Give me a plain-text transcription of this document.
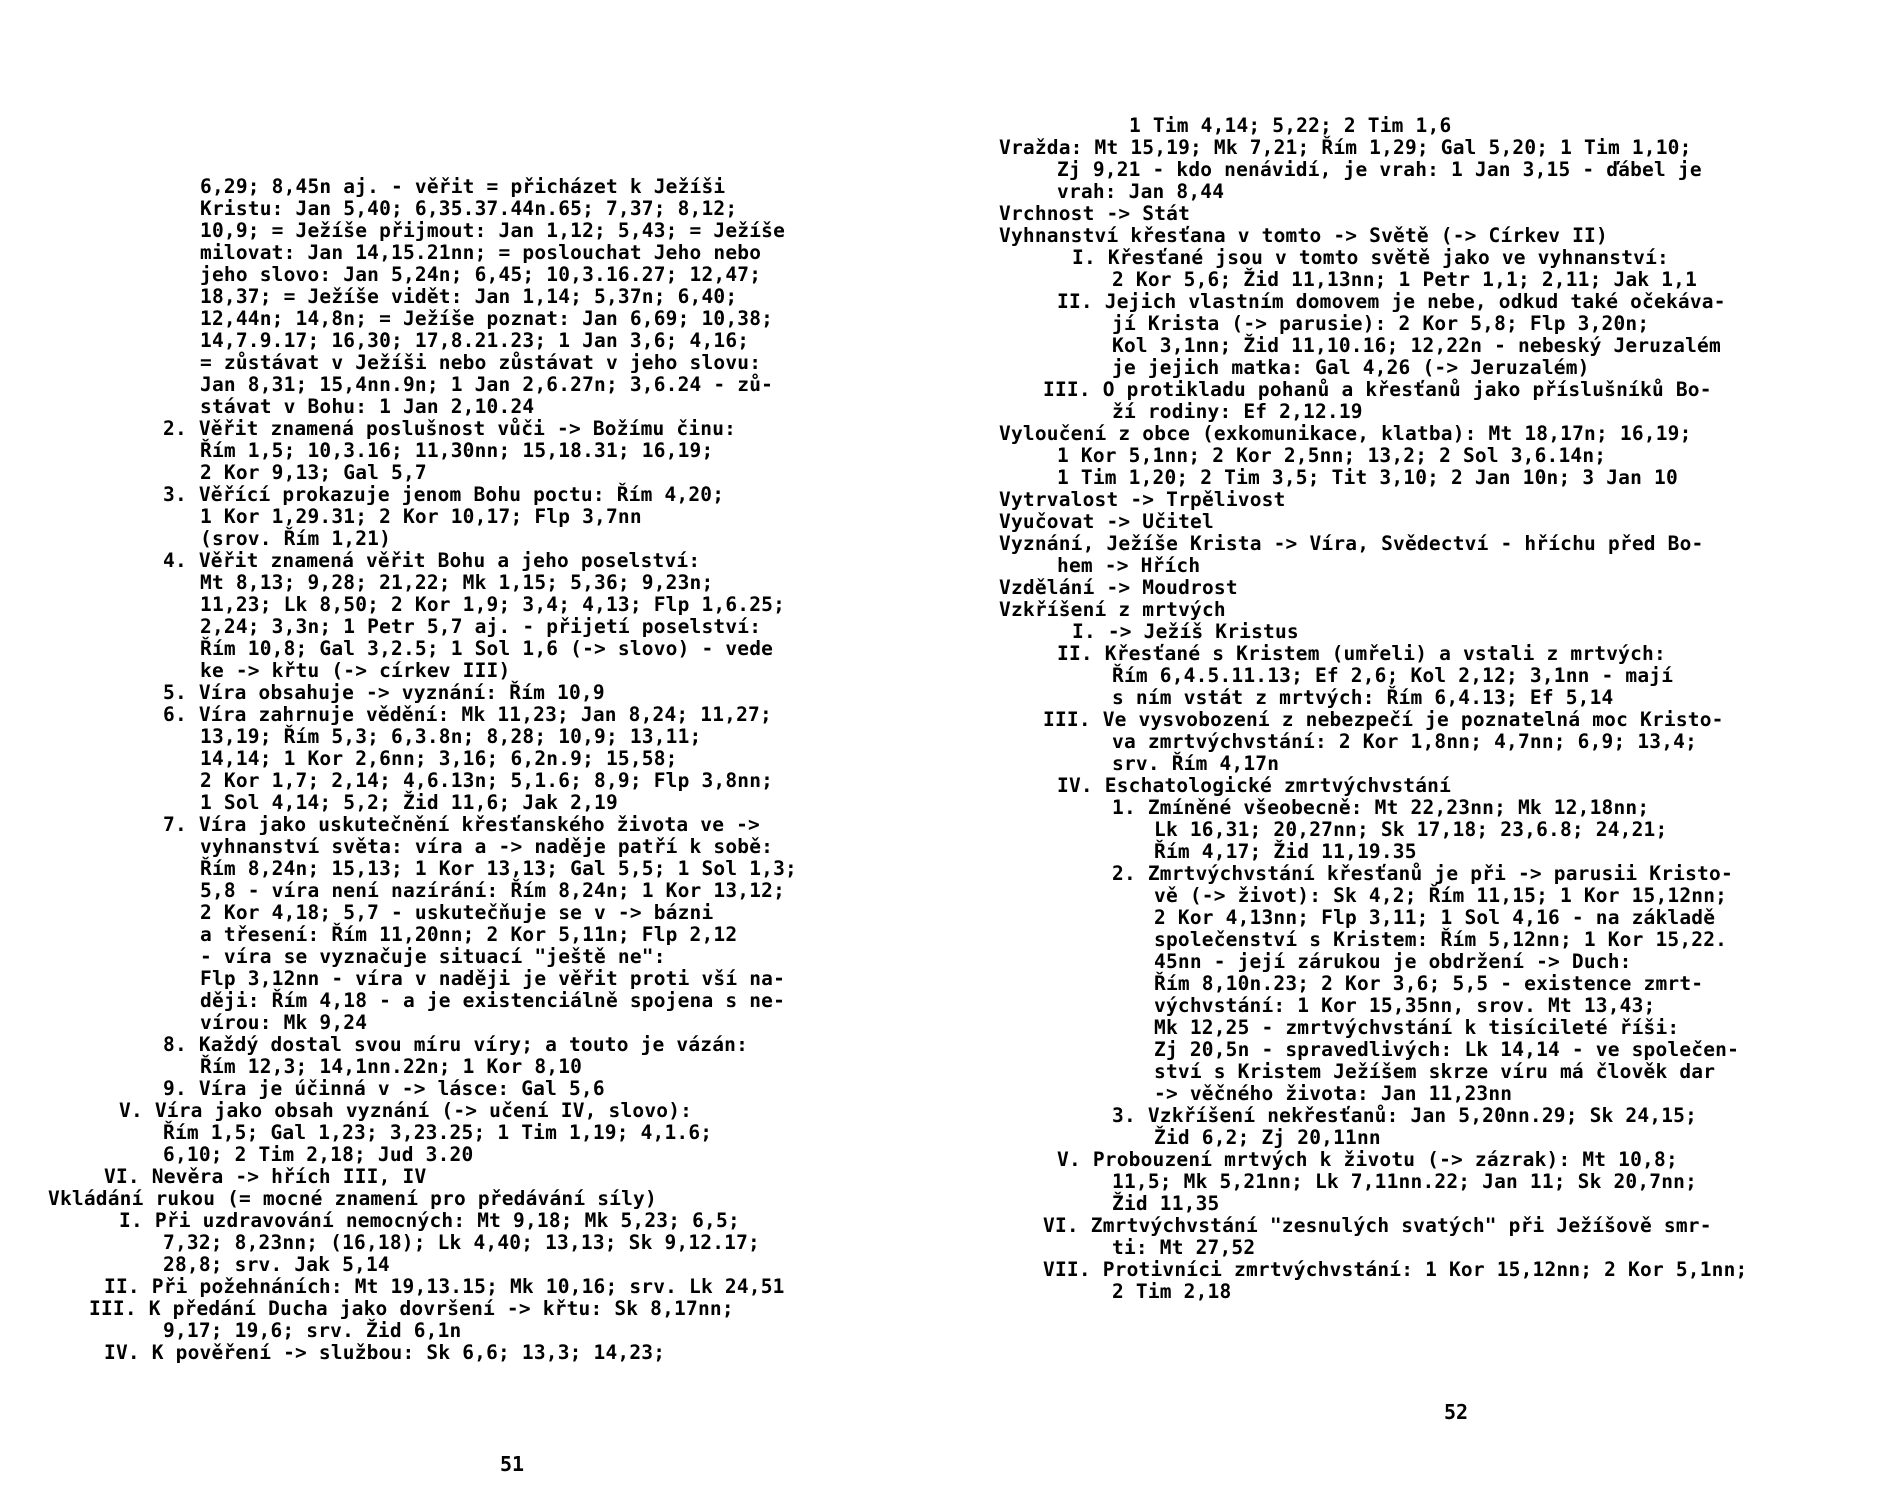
6,29; 8,45n aj. - věřit = přicházet k Ježíši
Kristu: Jan 5,40; 6,35.37.44n.65; 7,37; 8,12;
10,9; = Ježíše přijmout: Jan 1,12; 5,43; = Ježíše
milovat: Jan 14,15.21nn; = poslouchat Jeho nebo
jeho slovo: Jan 5,24n; 6,45; 10,3.16.27; 12,47;
18,37; = Ježíše vidět: Jan 1,14; 5,37n; 6,40;
12,44n; 14,8n; = Ježíše poznat: Jan 6,69; 10,38;
14,7.9.17; 16,30; 17,8.21.23; 1 Jan 3,6; 4,16;
= zůstávat v Ježíši nebo zůstávat v jeho slovu:
Jan 8,31; 15,4nn.9n; 1 Jan 2,6.27n; 3,6.24 - zů-
stávat v Bohu: 1 Jan 2,10.24
2. Věřit znamená poslušnost vůči -> Božímu činu:
Řím 1,5; 10,3.16; 11,30nn; 15,18.31; 16,19;
2 Kor 9,13; Gal 5,7
3. Věřící prokazuje jenom Bohu poctu: Řím 4,20;
1 Kor 1,29.31; 2 Kor 10,17; Flp 3,7nn
(srov. Řím 1,21)
4. Věřit znamená věřit Bohu a jeho poselství:
Mt 8,13; 9,28; 21,22; Mk 1,15; 5,36; 9,23n;
11,23; Lk 8,50; 2 Kor 1,9; 3,4; 4,13; Flp 1,6.25;
2,24; 3,3n; 1 Petr 5,7 aj. - přijetí poselství:
Řím 10,8; Gal 3,2.5; 1 Sol 1,6 (-> slovo) - vede
ke -> křtu (-> církev III)
5. Víra obsahuje -> vyznání: Řím 10,9
6. Víra zahrnuje vědění: Mk 11,23; Jan 8,24; 11,27;
13,19; Řím 5,3; 6,3.8n; 8,28; 10,9; 13,11;
14,14; 1 Kor 2,6nn; 3,16; 6,2n.9; 15,58;
2 Kor 1,7; 2,14; 4,6.13n; 5,1.6; 8,9; Flp 3,8nn;
1 Sol 4,14; 5,2; Žid 11,6; Jak 2,19
7. Víra jako uskutečnění křesťanského života ve ->
vyhnanství světa: víra a -> naděje patří k sobě:
Řím 8,24n; 15,13; 1 Kor 13,13; Gal 5,5; 1 Sol 1,3;
5,8 - víra není nazírání: Řím 8,24n; 1 Kor 13,12;
2 Kor 4,18; 5,7 - uskutečňuje se v -> bázni
a třesení: Řím 11,20nn; 2 Kor 5,11n; Flp 2,12
- víra se vyznačuje situací "ještě ne":
Flp 3,12nn - víra v naději je věřit proti vší na-
ději: Řím 4,18 - a je existenciálně spojena s ne-
vírou: Mk 9,24
8. Každý dostal svou míru víry; a touto je vázán:
Řím 12,3; 14,1nn.22n; 1 Kor 8,10
9. Víra je účinná v -> lásce: Gal 5,6
V. Víra jako obsah vyznání (-> učení IV, slovo):
Řím 1,5; Gal 1,23; 3,23.25; 1 Tim 1,19; 4,1.6;
6,10; 2 Tim 2,18; Jud 3.20
VI. Nevěra -> hřích III, IV
Vkládání rukou (= mocné znamení pro předávání síly)
I. Při uzdravování nemocných: Mt 9,18; Mk 5,23; 6,5;
7,32; 8,23nn; (16,18); Lk 4,40; 13,13; Sk 9,12.17;
28,8; srv. Jak 5,14
II. Při požehnáních: Mt 19,13.15; Mk 10,16; srv. Lk 24,51
III. K předání Ducha jako dovršení -> křtu: Sk 8,17nn;
9,17; 19,6; srv. Žid 6,1n
IV. K pověření -> službou: Sk 6,6; 13,3; 14,23;
51
1 Tim 4,14; 5,22; 2 Tim 1,6
Vražda: Mt 15,19; Mk 7,21; Řím 1,29; Gal 5,20; 1 Tim 1,10;
Zj 9,21 - kdo nenávidí, je vrah: 1 Jan 3,15 - ďábel je
vrah: Jan 8,44
Vrchnost -> Stát
Vyhnanství křesťana v tomto -> Světě (-> Církev II)
I. Křesťané jsou v tomto světě jako ve vyhnanství:
2 Kor 5,6; Žid 11,13nn; 1 Petr 1,1; 2,11; Jak 1,1
II. Jejich vlastním domovem je nebe, odkud také očekáva-
jí Krista (-> parusie): 2 Kor 5,8; Flp 3,20n;
Kol 3,1nn; Žid 11,10.16; 12,22n - nebeský Jeruzalém
je jejich matka: Gal 4,26 (-> Jeruzalém)
III. O protikladu pohanů a křesťanů jako příslušníků Bo-
ží rodiny: Ef 2,12.19
Vyloučení z obce (exkomunikace, klatba): Mt 18,17n; 16,19;
1 Kor 5,1nn; 2 Kor 2,5nn; 13,2; 2 Sol 3,6.14n;
1 Tim 1,20; 2 Tim 3,5; Tit 3,10; 2 Jan 10n; 3 Jan 10
Vytrvalost -> Trpělivost
Vyučovat -> Učitel
Vyznání, Ježíše Krista -> Víra, Svědectví - hříchu před Bo-
hem -> Hřích
Vzdělání -> Moudrost
Vzkříšení z mrtvých
I. -> Ježíš Kristus
II. Křesťané s Kristem (umřeli) a vstali z mrtvých:
Řím 6,4.5.11.13; Ef 2,6; Kol 2,12; 3,1nn - mají
s ním vstát z mrtvých: Řím 6,4.13; Ef 5,14
III. Ve vysvobození z nebezpečí je poznatelná moc Kristo-
va zmrtvýchvstání: 2 Kor 1,8nn; 4,7nn; 6,9; 13,4;
srv. Řím 4,17n
IV. Eschatologické zmrtvýchvstání
1. Zmíněné všeobecně: Mt 22,23nn; Mk 12,18nn;
Lk 16,31; 20,27nn; Sk 17,18; 23,6.8; 24,21;
Řím 4,17; Žid 11,19.35
2. Zmrtvýchvstání křesťanů je při -> parusii Kristo-
vě (-> život): Sk 4,2; Řím 11,15; 1 Kor 15,12nn;
2 Kor 4,13nn; Flp 3,11; 1 Sol 4,16 - na základě
společenství s Kristem: Řím 5,12nn; 1 Kor 15,22.
45nn - její zárukou je obdržení -> Duch:
Řím 8,10n.23; 2 Kor 3,6; 5,5 - existence zmrt-
výchvstání: 1 Kor 15,35nn, srov. Mt 13,43;
Mk 12,25 - zmrtvýchvstání k tisícileté říši:
Zj 20,5n - spravedlivých: Lk 14,14 - ve společen-
ství s Kristem Ježíšem skrze víru má člověk dar
-> věčného života: Jan 11,23nn
3. Vzkříšení nekřesťanů: Jan 5,20nn.29; Sk 24,15;
Žid 6,2; Zj 20,11nn
V. Probouzení mrtvých k životu (-> zázrak): Mt 10,8;
11,5; Mk 5,21nn; Lk 7,11nn.22; Jan 11; Sk 20,7nn;
Žid 11,35
VI. Zmrtvýchvstání "zesnulých svatých" při Ježíšově smr-
ti: Mt 27,52
VII. Protivníci zmrtvýchvstání: 1 Kor 15,12nn; 2 Kor 5,1nn;
2 Tim 2,18
52
